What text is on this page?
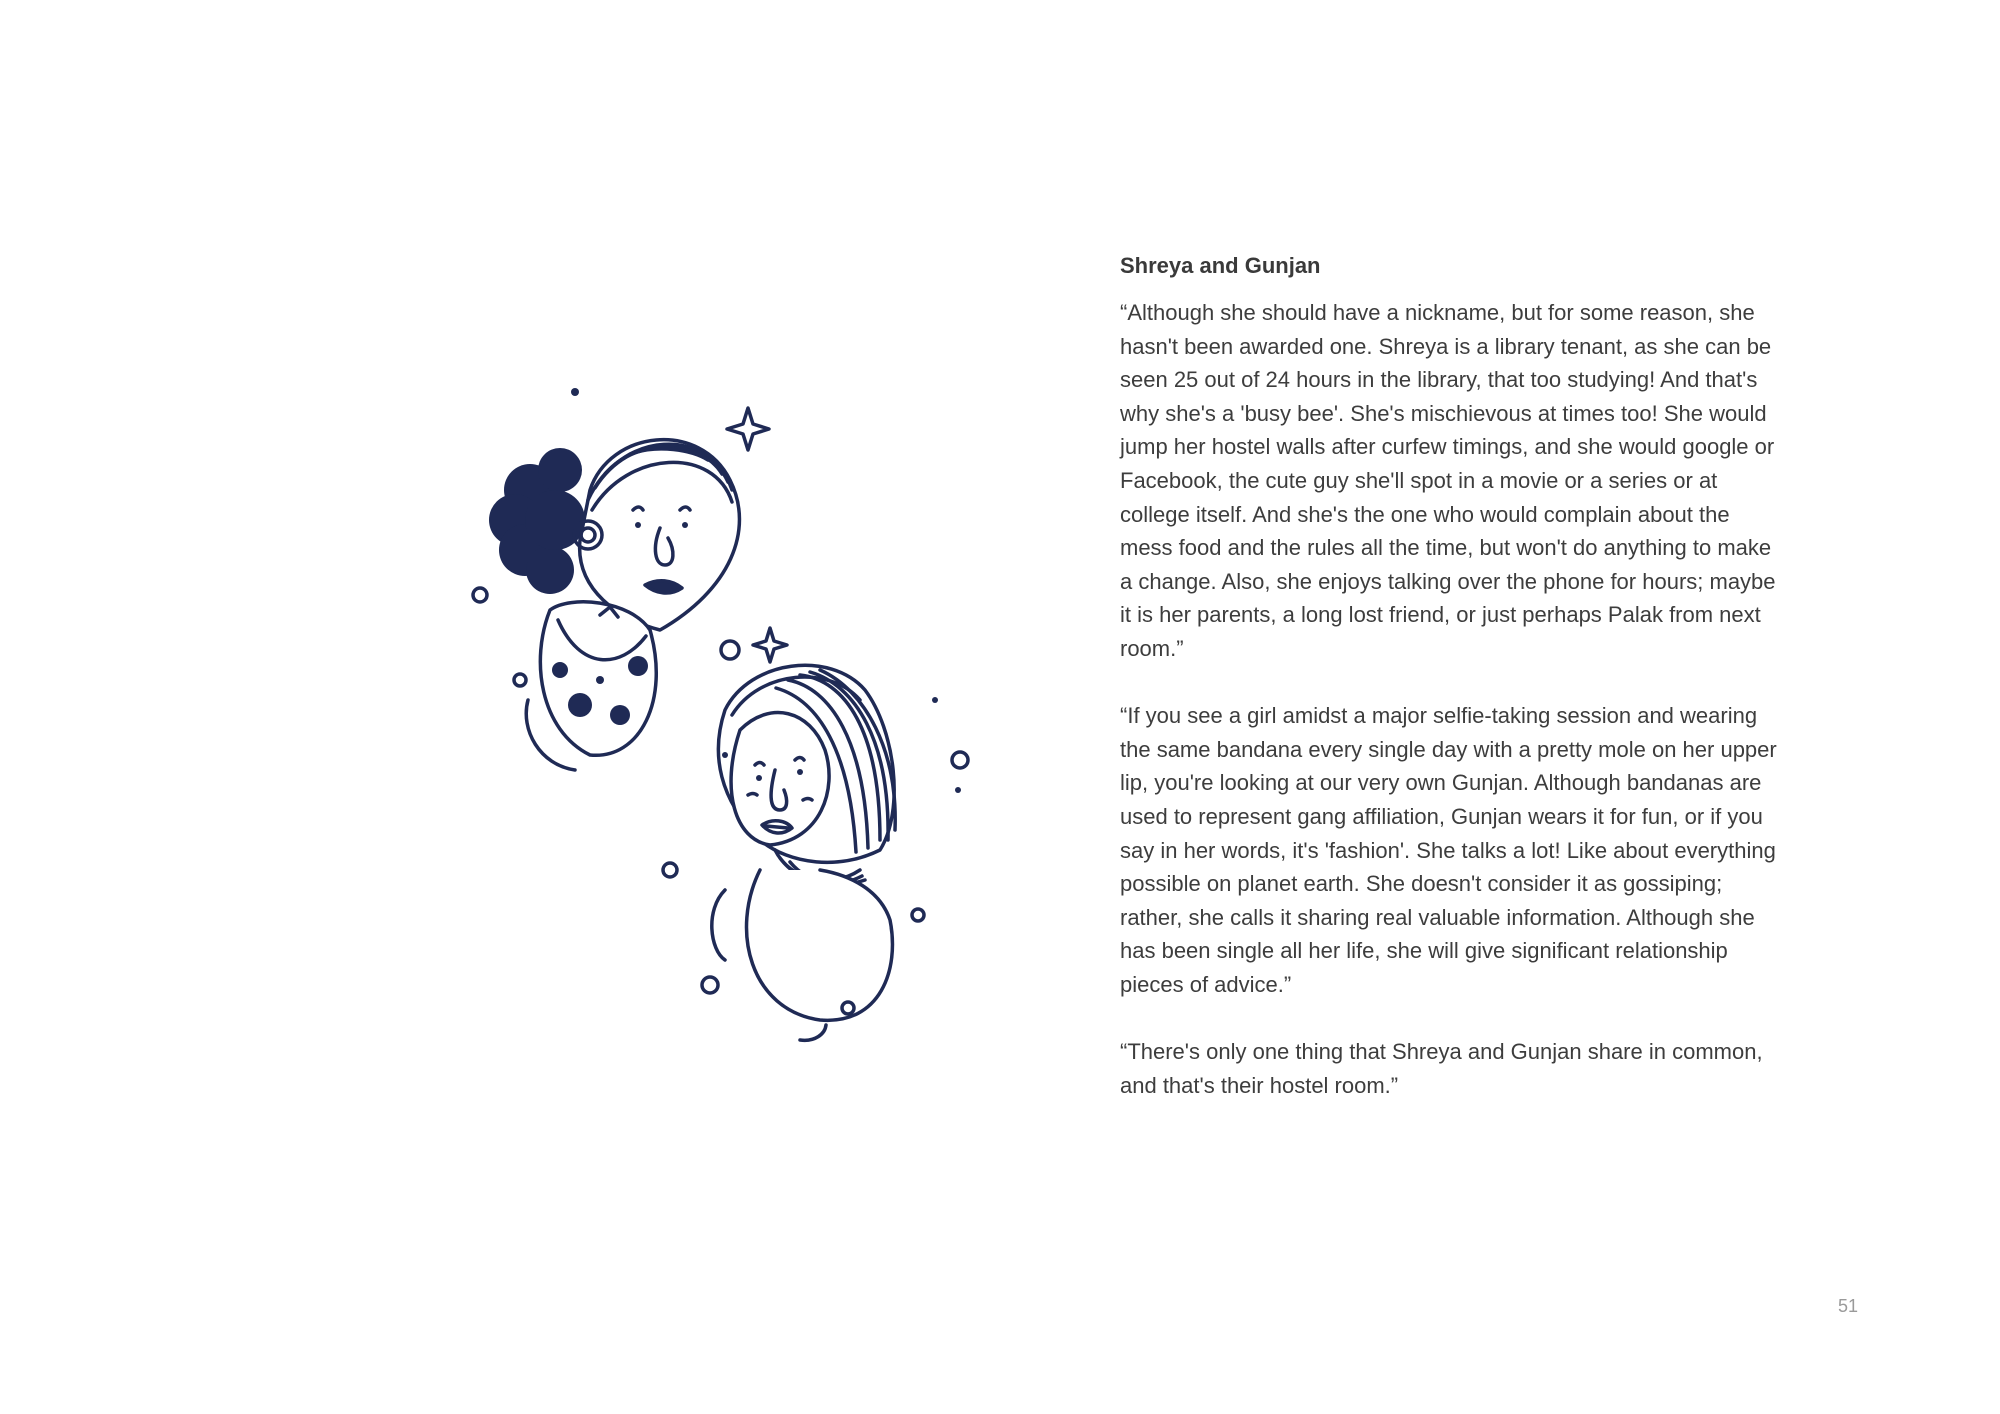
Shreya and Gunjan

“Although she should have a nickname, but for some reason, she hasn't been awarded one. Shreya is a library tenant, as she can be seen 25 out of 24 hours in the library, that too studying! And that's why she's a 'busy bee'. She's mischievous at times too! She would jump her hostel walls after curfew timings, and she would google or Facebook, the cute guy she'll spot in a movie or a series or at college itself. And she's the one who would complain about the mess food and the rules all the time, but won't do anything to make a change. Also, she enjoys talking over the phone for hours; maybe it is her parents, a long lost friend, or just perhaps Palak from next room.”

“If you see a girl amidst a major selfie-taking session and wearing the same bandana every single day with a pretty mole on her upper lip, you're looking at our very own Gunjan. Although bandanas are used to represent gang affiliation, Gunjan wears it for fun, or if you say in her words, it's 'fashion'. She talks a lot! Like about everything possible on planet earth. She doesn't consider it as gossiping; rather, she calls it sharing real valuable information. Although she has been single all her life, she will give significant relationship pieces of advice.”

“There's only one thing that Shreya and Gunjan share in common, and that's their hostel room.”

51
